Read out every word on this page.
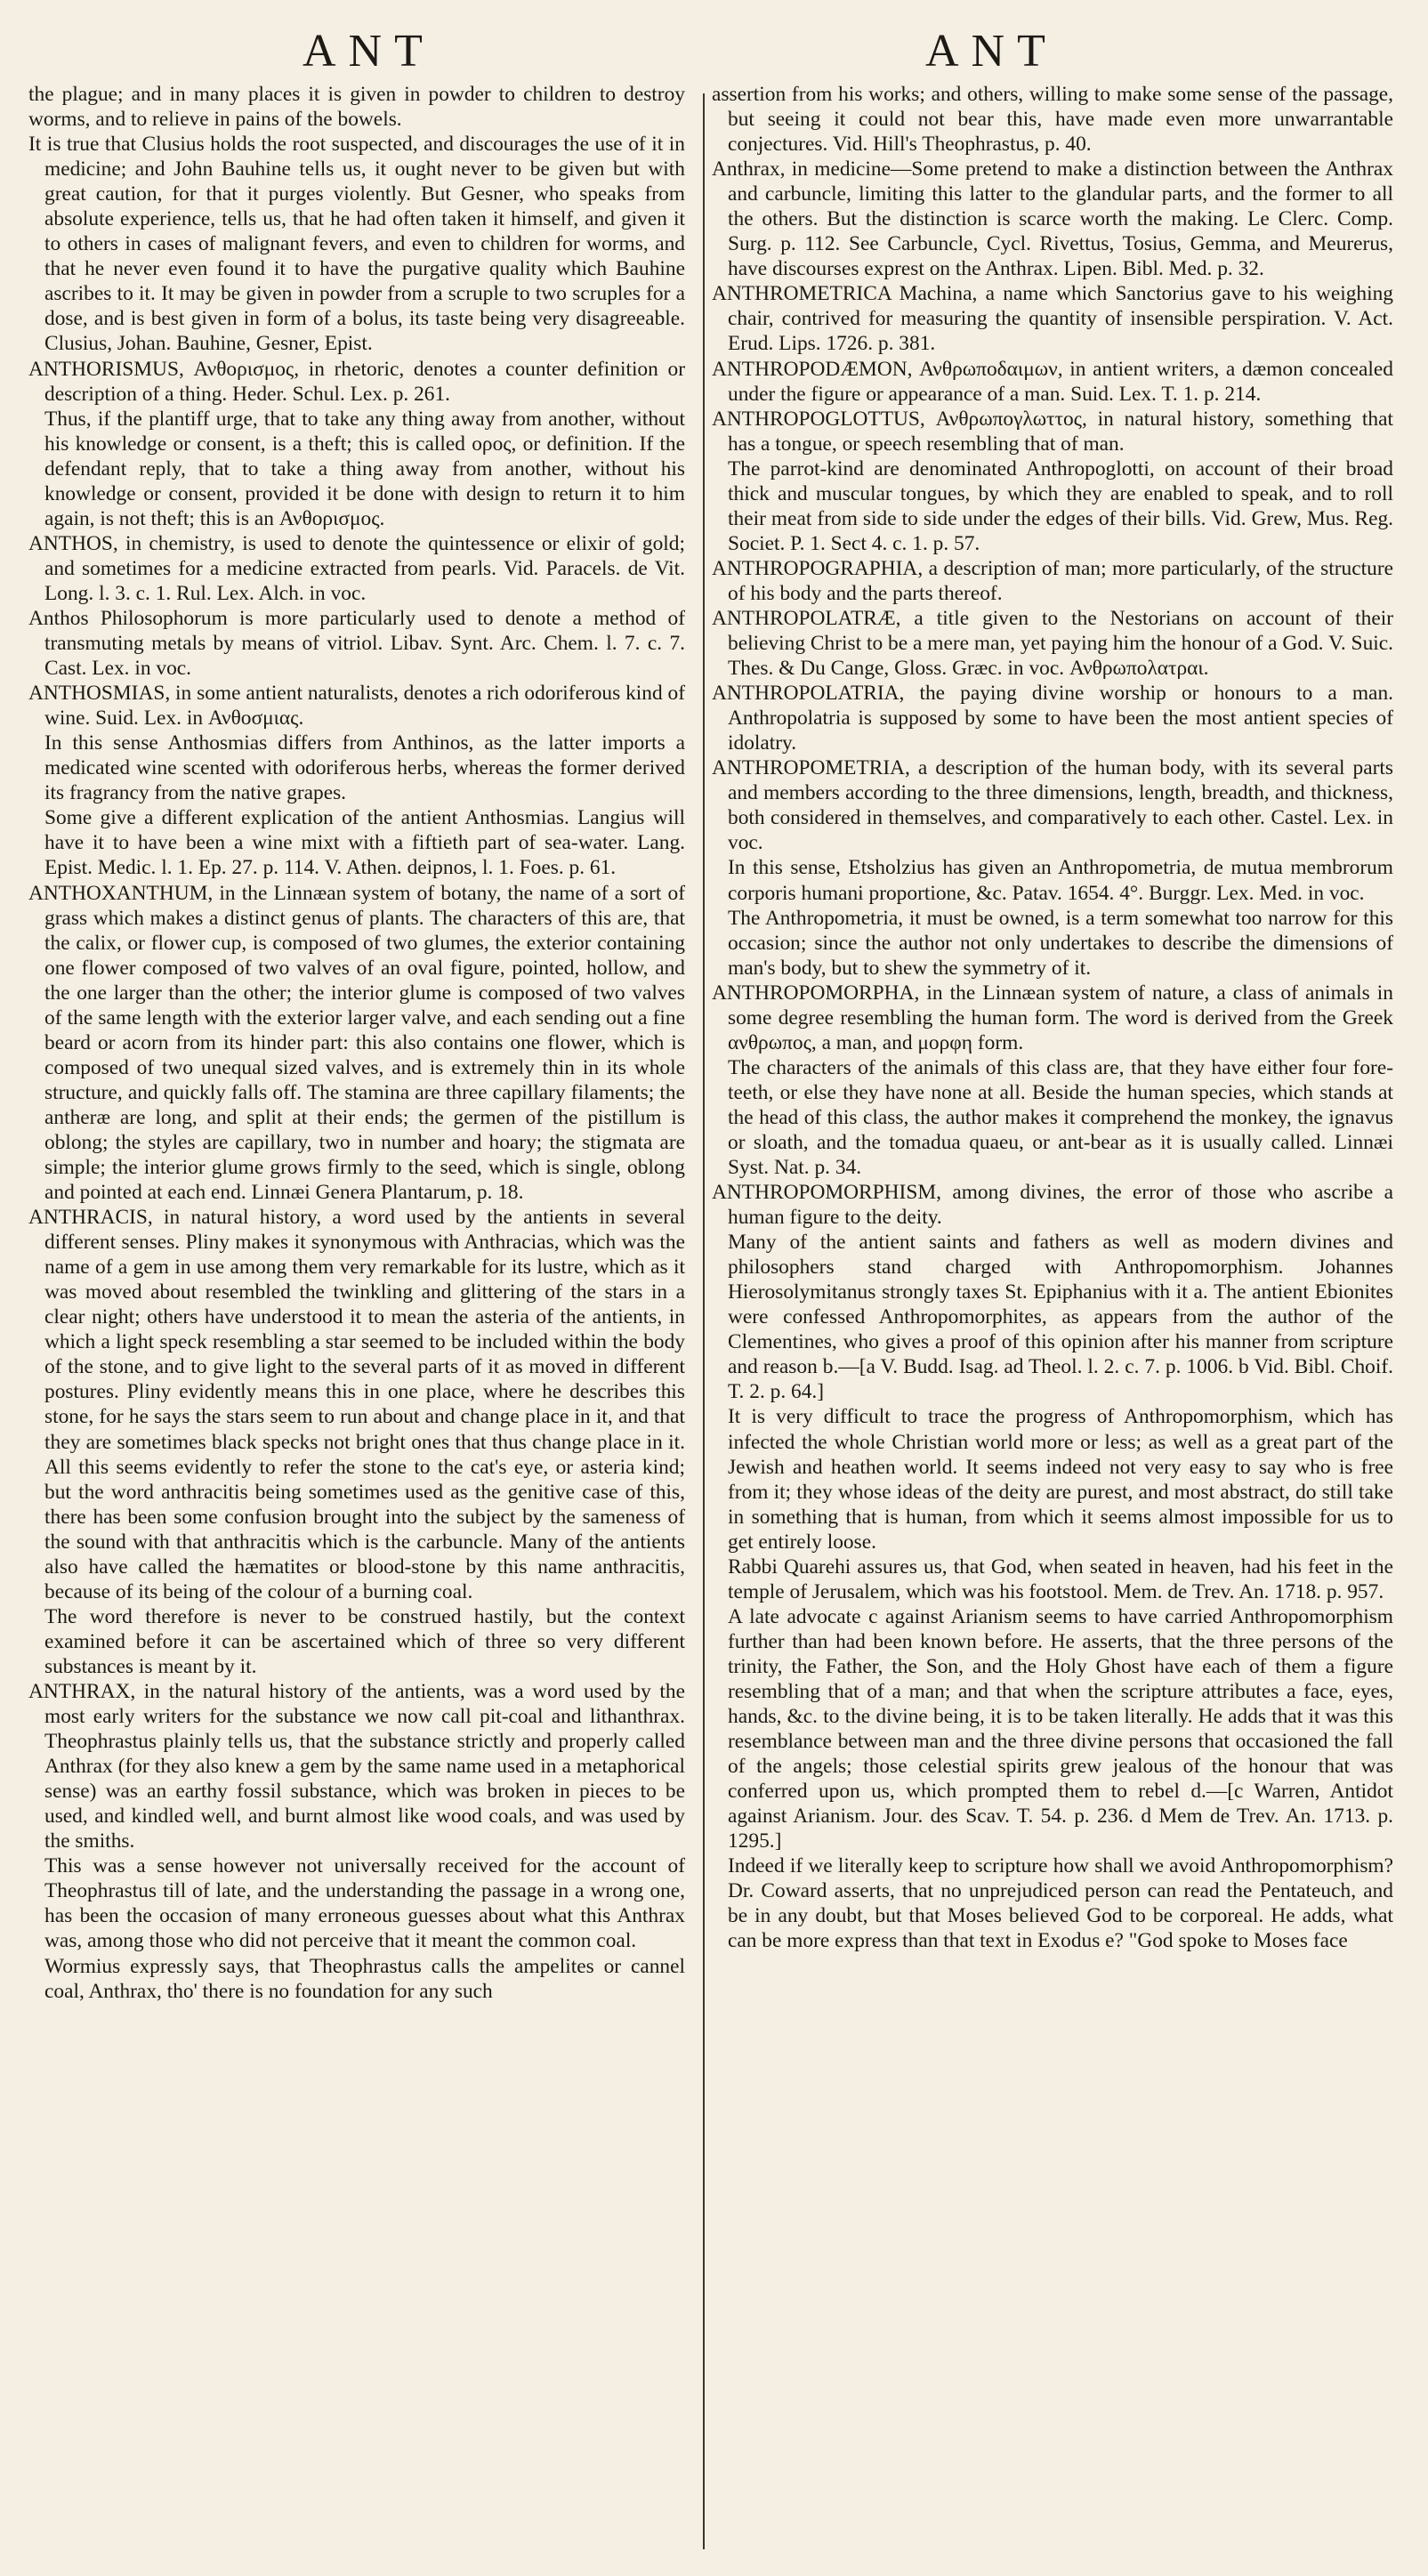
ANT	ANT

the plague; and in many places it is given in powder to children to destroy worms, and to relieve in pains of the bowels.

It is true that Clusius holds the root suspected, and discourages the use of it in medicine; and John Bauhine tells us, it ought never to be given but with great caution, for that it purges violently. But Gesner, who speaks from absolute experience, tells us, that he had often taken it himself, and given it to others in cases of malignant fevers, and even to children for worms, and that he never even found it to have the purgative quality which Bauhine ascribes to it. It may be given in powder from a scruple to two scruples for a dose, and is best given in form of a bolus, its taste being very disagreeable. Clusius, Johan. Bauhine, Gesner, Epist.

ANTHORISMUS, Ανθορισμος, in rhetoric, denotes a counter definition or description of a thing. Heder. Schul. Lex. p. 261.

Thus, if the plantiff urge, that to take any thing away from another, without his knowledge or consent, is a theft; this is called ορος, or definition. If the defendant reply, that to take a thing away from another, without his knowledge or consent, provided it be done with design to return it to him again, is not theft; this is an Ανθορισμος.

ANTHOS, in chemistry, is used to denote the quintessence or elixir of gold; and sometimes for a medicine extracted from pearls. Vid. Paracels. de Vit. Long. l. 3. c. 1. Rul. Lex. Alch. in voc.

Anthos Philosophorum is more particularly used to denote a method of transmuting metals by means of vitriol. Libav. Synt. Arc. Chem. l. 7. c. 7. Cast. Lex. in voc.

ANTHOSMIAS, in some antient naturalists, denotes a rich odoriferous kind of wine. Suid. Lex. in Ανθοσμιας.

In this sense Anthosmias differs from Anthinos, as the latter imports a medicated wine scented with odoriferous herbs, whereas the former derived its fragrancy from the native grapes.

Some give a different explication of the antient Anthosmias. Langius will have it to have been a wine mixt with a fiftieth part of sea-water. Lang. Epist. Medic. l. 1. Ep. 27. p. 114. V. Athen. deipnos, l. 1. Foes. p. 61.

ANTHOXANTHUM, in the Linnæan system of botany, the name of a sort of grass which makes a distinct genus of plants. The characters of this are, that the calix, or flower cup, is composed of two glumes, the exterior containing one flower composed of two valves of an oval figure, pointed, hollow, and the one larger than the other; the interior glume is composed of two valves of the same length with the exterior larger valve, and each sending out a fine beard or acorn from its hinder part: this also contains one flower, which is composed of two unequal sized valves, and is extremely thin in its whole structure, and quickly falls off. The stamina are three capillary filaments; the antheræ are long, and split at their ends; the germen of the pistillum is oblong; the styles are capillary, two in number and hoary; the stigmata are simple; the interior glume grows firmly to the seed, which is single, oblong and pointed at each end. Linnæi Genera Plantarum, p. 18.

ANTHRACIS, in natural history, a word used by the antients in several different senses. Pliny makes it synonymous with Anthracias, which was the name of a gem in use among them very remarkable for its lustre, which as it was moved about resembled the twinkling and glittering of the stars in a clear night; others have understood it to mean the asteria of the antients, in which a light speck resembling a star seemed to be included within the body of the stone, and to give light to the several parts of it as moved in different postures. Pliny evidently means this in one place, where he describes this stone, for he says the stars seem to run about and change place in it, and that they are sometimes black specks not bright ones that thus change place in it. All this seems evidently to refer the stone to the cat's eye, or asteria kind; but the word anthracitis being sometimes used as the genitive case of this, there has been some confusion brought into the subject by the sameness of the sound with that anthracitis which is the carbuncle. Many of the antients also have called the hæmatites or blood-stone by this name anthracitis, because of its being of the colour of a burning coal.

The word therefore is never to be construed hastily, but the context examined before it can be ascertained which of three so very different substances is meant by it.

ANTHRAX, in the natural history of the antients, was a word used by the most early writers for the substance we now call pit-coal and lithanthrax. Theophrastus plainly tells us, that the substance strictly and properly called Anthrax (for they also knew a gem by the same name used in a metaphorical sense) was an earthy fossil substance, which was broken in pieces to be used, and kindled well, and burnt almost like wood coals, and was used by the smiths.

This was a sense however not universally received for the account of Theophrastus till of late, and the understanding the passage in a wrong one, has been the occasion of many erroneous guesses about what this Anthrax was, among those who did not perceive that it meant the common coal.

Wormius expressly says, that Theophrastus calls the ampelites or cannel coal, Anthrax, tho' there is no foundation for any such

assertion from his works; and others, willing to make some sense of the passage, but seeing it could not bear this, have made even more unwarrantable conjectures. Vid. Hill's Theophrastus, p. 40.

Anthrax, in medicine—Some pretend to make a distinction between the Anthrax and carbuncle, limiting this latter to the glandular parts, and the former to all the others. But the distinction is scarce worth the making. Le Clerc. Comp. Surg. p. 112. See Carbuncle, Cycl. Rivettus, Tosius, Gemma, and Meurerus, have discourses exprest on the Anthrax. Lipen. Bibl. Med. p. 32.

ANTHROMETRICA Machina, a name which Sanctorius gave to his weighing chair, contrived for measuring the quantity of insensible perspiration. V. Act. Erud. Lips. 1726. p. 381.

ANTHROPODÆMON, Ανθρωποδαιμων, in antient writers, a dæmon concealed under the figure or appearance of a man. Suid. Lex. T. 1. p. 214.

ANTHROPOGLOTTUS, Ανθρωπογλωττος, in natural history, something that has a tongue, or speech resembling that of man.

The parrot-kind are denominated Anthropoglotti, on account of their broad thick and muscular tongues, by which they are enabled to speak, and to roll their meat from side to side under the edges of their bills. Vid. Grew, Mus. Reg. Societ. P. 1. Sect 4. c. 1. p. 57.

ANTHROPOGRAPHIA, a description of man; more particularly, of the structure of his body and the parts thereof.

ANTHROPOLATRÆ, a title given to the Nestorians on account of their believing Christ to be a mere man, yet paying him the honour of a God. V. Suic. Thes. & Du Cange, Gloss. Græc. in voc. Ανθρωπολατραι.

ANTHROPOLATRIA, the paying divine worship or honours to a man. Anthropolatria is supposed by some to have been the most antient species of idolatry.

ANTHROPOMETRIA, a description of the human body, with its several parts and members according to the three dimensions, length, breadth, and thickness, both considered in themselves, and comparatively to each other. Castel. Lex. in voc.

In this sense, Etsholzius has given an Anthropometria, de mutua membrorum corporis humani proportione, &c. Patav. 1654. 4°. Burggr. Lex. Med. in voc.

The Anthropometria, it must be owned, is a term somewhat too narrow for this occasion; since the author not only undertakes to describe the dimensions of man's body, but to shew the symmetry of it.

ANTHROPOMORPHA, in the Linnæan system of nature, a class of animals in some degree resembling the human form. The word is derived from the Greek ανθρωπος, a man, and μορφη form.

The characters of the animals of this class are, that they have either four fore-teeth, or else they have none at all. Beside the human species, which stands at the head of this class, the author makes it comprehend the monkey, the ignavus or sloath, and the tomadua quaeu, or ant-bear as it is usually called. Linnæi Syst. Nat. p. 34.

ANTHROPOMORPHISM, among divines, the error of those who ascribe a human figure to the deity.

Many of the antient saints and fathers as well as modern divines and philosophers stand charged with Anthropomorphism. Johannes Hierosolymitanus strongly taxes St. Epiphanius with it a. The antient Ebionites were confessed Anthropomorphites, as appears from the author of the Clementines, who gives a proof of this opinion after his manner from scripture and reason b.—[a V. Budd. Isag. ad Theol. l. 2. c. 7. p. 1006. b Vid. Bibl. Choif. T. 2. p. 64.]

It is very difficult to trace the progress of Anthropomorphism, which has infected the whole Christian world more or less; as well as a great part of the Jewish and heathen world. It seems indeed not very easy to say who is free from it; they whose ideas of the deity are purest, and most abstract, do still take in something that is human, from which it seems almost impossible for us to get entirely loose.

Rabbi Quarehi assures us, that God, when seated in heaven, had his feet in the temple of Jerusalem, which was his footstool. Mem. de Trev. An. 1718. p. 957.

A late advocate c against Arianism seems to have carried Anthropomorphism further than had been known before. He asserts, that the three persons of the trinity, the Father, the Son, and the Holy Ghost have each of them a figure resembling that of a man; and that when the scripture attributes a face, eyes, hands, &c. to the divine being, it is to be taken literally. He adds that it was this resemblance between man and the three divine persons that occasioned the fall of the angels; those celestial spirits grew jealous of the honour that was conferred upon us, which prompted them to rebel d.—[c Warren, Antidot against Arianism. Jour. des Scav. T. 54. p. 236. d Mem de Trev. An. 1713. p. 1295.]

Indeed if we literally keep to scripture how shall we avoid Anthropomorphism? Dr. Coward asserts, that no unprejudiced person can read the Pentateuch, and be in any doubt, but that Moses believed God to be corporeal. He adds, what can be more express than that text in Exodus e? "God spoke to Moses face
